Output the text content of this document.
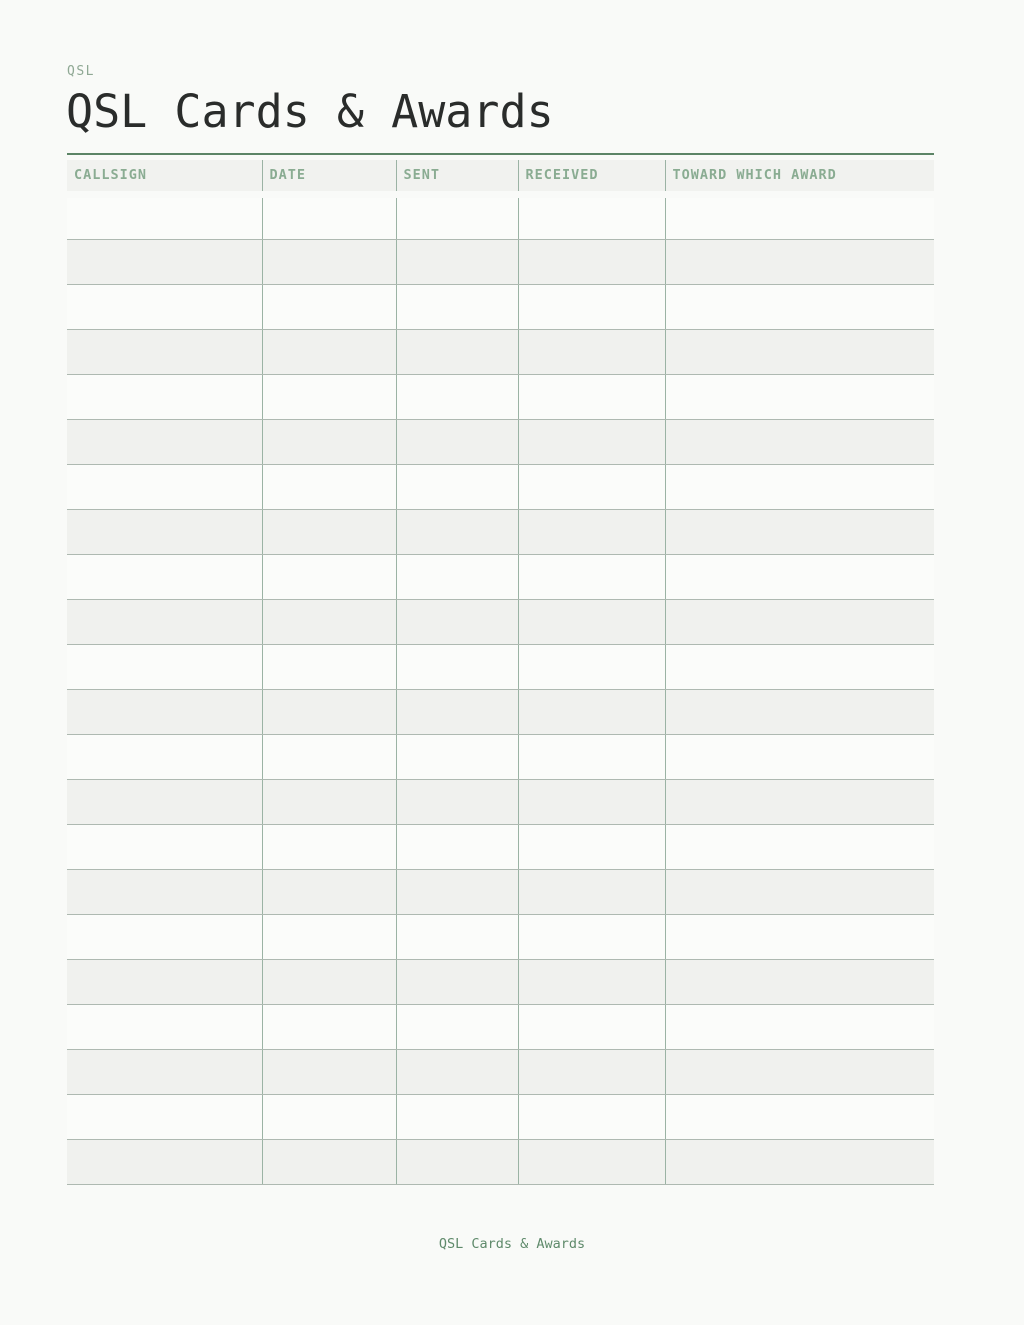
QSL
QSL Cards & Awards
CALLSIGN	DATE	SENT	RECEIVED	TOWARD WHICH AWARD

QSL Cards & Awards
